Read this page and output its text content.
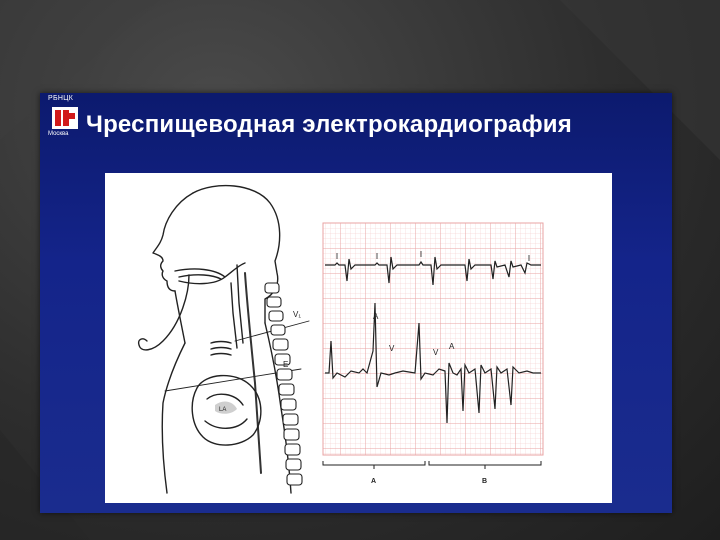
РБНЦК
Москва Чреспищеводная электрокардиография
V₁
E
LA
A
V	V
A
A	B
